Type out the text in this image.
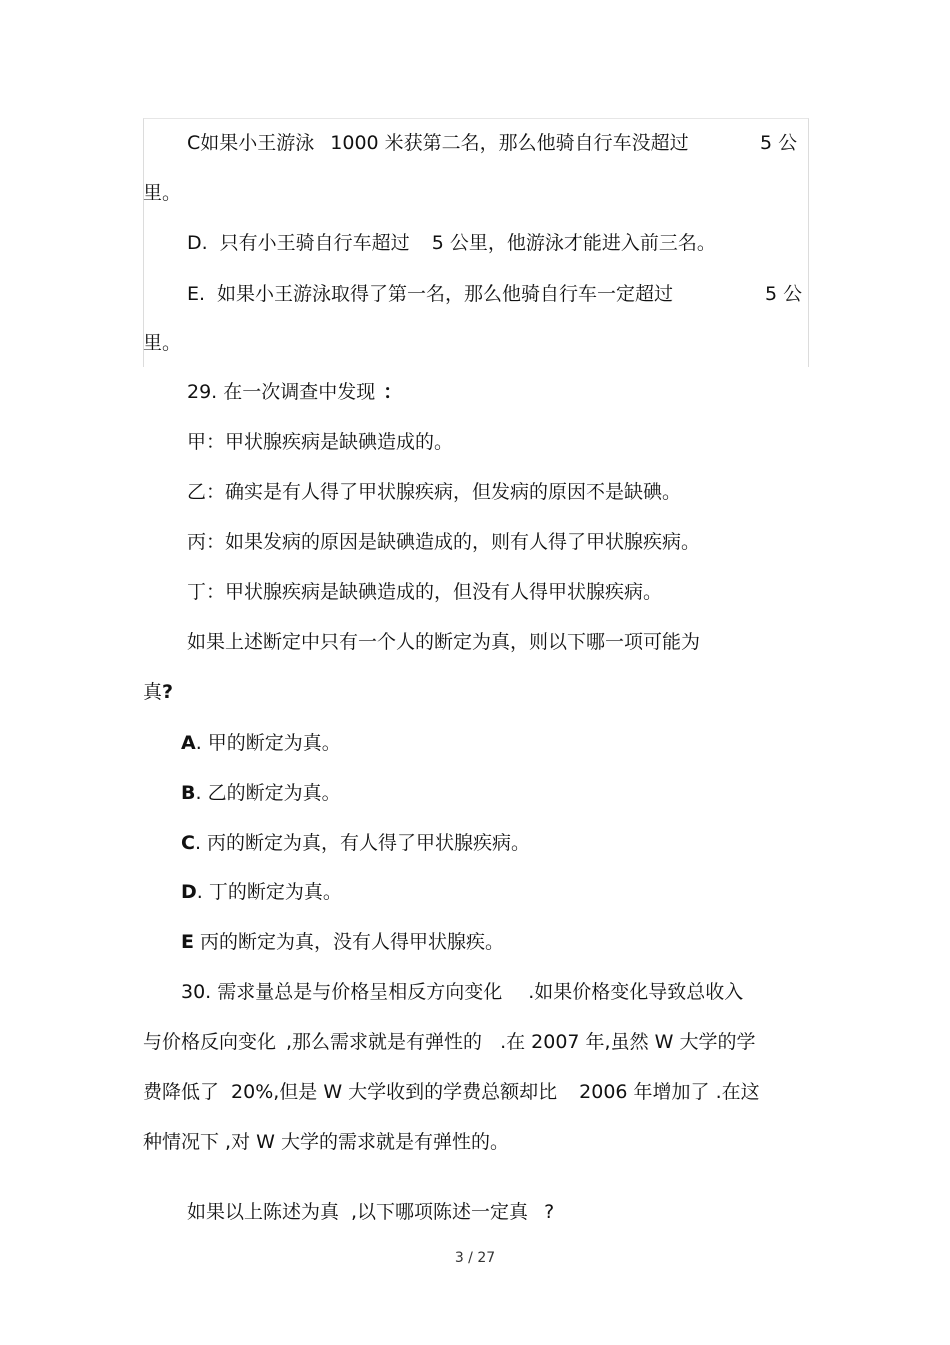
C如果小王游泳 1000 米获第二名，那么他骑自行车没超过	5 公

里。

D. 只有小王骑自行车超过 5 公里，他游泳才能进入前三名。

E. 如果小王游泳取得了第一名，那么他骑自行车一定超过	5 公

里。

29. 在一次调查中发现 ：

甲：甲状腺疾病是缺碘造成的。

乙：确实是有人得了甲状腺疾病，但发病的原因不是缺碘。

丙：如果发病的原因是缺碘造成的，则有人得了甲状腺疾病。

丁：甲状腺疾病是缺碘造成的，但没有人得甲状腺疾病。

如果上述断定中只有一个人的断定为真，则以下哪一项可能为

真?

A. 甲的断定为真。

B. 乙的断定为真。

C. 丙的断定为真，有人得了甲状腺疾病。

D. 丁的断定为真。

E 丙的断定为真，没有人得甲状腺疾。

30. 需求量总是与价格呈相反方向变化 .如果价格变化导致总收入

与价格反向变化 ,那么需求就是有弹性的 .在 2007 年,虽然 W 大学的学

费降低了 20%,但是 W 大学收到的学费总额却比 2006 年增加了 .在这

种情况下 ,对 W 大学的需求就是有弹性的。

如果以上陈述为真 ,以下哪项陈述一定真 ?

3 / 27
